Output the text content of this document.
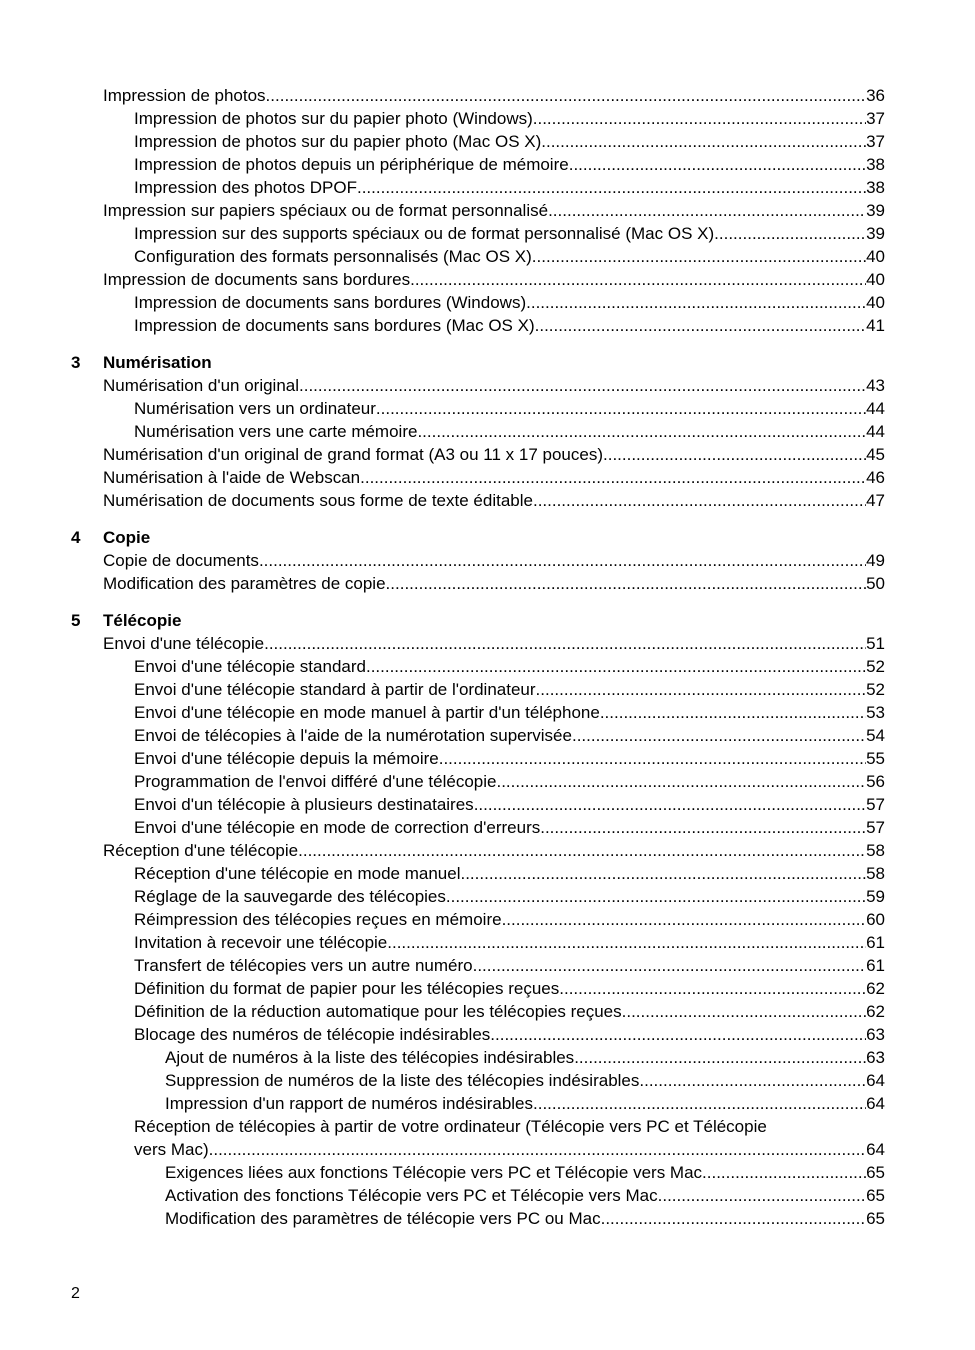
Impression de photos .....	36
Impression de photos sur du papier photo (Windows) .....	37
Impression de photos sur du papier photo (Mac OS X) .....	37
Impression de photos depuis un périphérique de mémoire .....	38
Impression des photos DPOF .....	38
Impression sur papiers spéciaux ou de format personnalisé .....	39
Impression sur des supports spéciaux ou de format personnalisé (Mac OS X) .....	39
Configuration des formats personnalisés (Mac OS X) .....	40
Impression de documents sans bordures .....	40
Impression de documents sans bordures (Windows) .....	40
Impression de documents sans bordures (Mac OS X) .....	41
3 Numérisation
Numérisation d'un original .....	43
Numérisation vers un ordinateur .....	44
Numérisation vers une carte mémoire .....	44
Numérisation d'un original de grand format (A3 ou 11 x 17 pouces) .....	45
Numérisation à l'aide de Webscan .....	46
Numérisation de documents sous forme de texte éditable .....	47
4 Copie
Copie de documents .....	49
Modification des paramètres de copie .....	50
5 Télécopie
Envoi d'une télécopie .....	51
Envoi d'une télécopie standard .....	52
Envoi d'une télécopie standard à partir de l'ordinateur .....	52
Envoi d'une télécopie en mode manuel à partir d'un téléphone .....	53
Envoi de télécopies à l'aide de la numérotation supervisée .....	54
Envoi d'une télécopie depuis la mémoire .....	55
Programmation de l'envoi différé d'une télécopie .....	56
Envoi d'un télécopie à plusieurs destinataires .....	57
Envoi d'une télécopie en mode de correction d'erreurs .....	57
Réception d'une télécopie .....	58
Réception d'une télécopie en mode manuel .....	58
Réglage de la sauvegarde des télécopies .....	59
Réimpression des télécopies reçues en mémoire .....	60
Invitation à recevoir une télécopie .....	61
Transfert de télécopies vers un autre numéro .....	61
Définition du format de papier pour les télécopies reçues .....	62
Définition de la réduction automatique pour les télécopies reçues .....	62
Blocage des numéros de télécopie indésirables .....	63
Ajout de numéros à la liste des télécopies indésirables .....	63
Suppression de numéros de la liste des télécopies indésirables .....	64
Impression d'un rapport de numéros indésirables .....	64
Réception de télécopies à partir de votre ordinateur (Télécopie vers PC et Télécopie
vers Mac) .....	64
Exigences liées aux fonctions Télécopie vers PC et Télécopie vers Mac. .....	65
Activation des fonctions Télécopie vers PC et Télécopie vers Mac. .....	65
Modification des paramètres de télécopie vers PC ou Mac. .....	65
2
